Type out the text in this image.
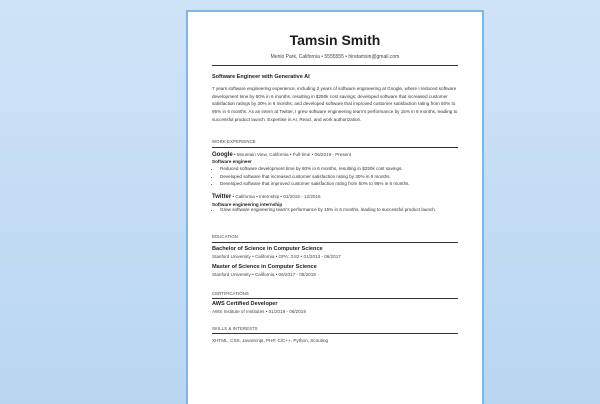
Tamsin Smith
Menlo Park, California • 5555555 • hiretamsin@gmail.com
Software Engineer with Generative AI
7 years software engineering experience, including 2 years of software engineering at Google, where I reduced software development time by 60% in 6 months, resulting in $250k cost savings; developed software that increased customer satisfaction ratings by 30% in 6 months; and developed software that improved customer satisfaction rating from 50% to 95% in 6 months. As an intern at Twitter, I grew software engineering team's performance by 15% in 6 months, leading to successful product launch. Expertise in AI, React, and work authorization.
WORK EXPERIENCE
Google • Mountain View, California • Full-time • 06/2019 - Present
Software engineer
• Reduced software development time by 60% in 6 months, resulting in $250k cost savings.
• Developed software that increased customer satisfaction rating by 30% in 6 months.
• Developed software that improved customer satisfaction rating from 50% to 95% in 6 months.
Twitter • California • Internship • 01/2016 - 12/2016
Software engineering internship
• Grew software engineering team's performance by 15% in 6 months, leading to successful product launch.
EDUCATION
Bachelor of Science in Computer Science
Stanford University • California • GPA: 3.82 • 01/2013 - 06/2017
Master of Science in Computer Science
Stanford University • California • 06/2017 - 06/2019
CERTIFICATIONS
AWS Certified Developer
AWS Institute of Institutes • 01/2019 - 06/2019
SKILLS & INTERESTS
XHTML, CSS, JavaScript, PHP, C/C++, Python, Scouting
